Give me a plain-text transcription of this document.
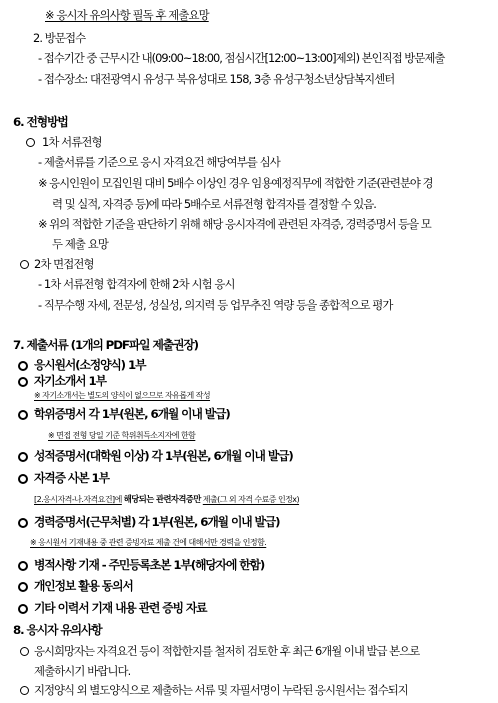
※ 응시자 유의사항 필독 후 제출요망
2. 방문접수
- 접수기간 중 근무시간 내(09:00~18:00, 점심시간[12:00~13:00]제외) 본인직접 방문제출
- 접수장소: 대전광역시 유성구 북유성대로 158, 3층 유성구청소년상담복지센터
6. 전형방법
1차 서류전형
- 제출서류를 기준으로 응시 자격요건 해당여부를 심사
※ 응시인원이 모집인원 대비 5배수 이상인 경우 임용예정직무에 적합한 기준(관련분야 경
력 및 실적, 자격증 등)에 따라 5배수로 서류전형 합격자를 결정할 수 있음.
※ 위의 적합한 기준을 판단하기 위해 해당 응시자격에 관련된 자격증, 경력증명서 등을 모
두 제출 요망
2차 면접전형
- 1차 서류전형 합격자에 한해 2차 시험 응시
- 직무수행 자세, 전문성, 성실성, 의지력 등 업무추진 역량 등을 종합적으로 평가
7. 제출서류 (1개의 PDF파일 제출권장)
응시원서(소정양식) 1부
자기소개서 1부
※ 자기소개서는 별도의 양식이 없으므로 자유롭게 작성
학위증명서 각 1부(원본, 6개월 이내 발급)
※ 면접 전형 당일 기준 학위취득소지자에 한함
성적증명서(대학원 이상) 각 1부(원본, 6개월 이내 발급)
자격증 사본 1부
[2.응시자격-나.자격요건]에 해당되는 관련자격증만 제출(그 외 자격 수료증 인정x)
경력증명서(근무처별) 각 1부(원본, 6개월 이내 발급)
※ 응시원서 기재내용 중 관련 증빙자료 제출 건에 대해서만 경력을 인정함.
병적사항 기재 - 주민등록초본 1부(해당자에 한함)
개인정보 활용 동의서
기타 이력서 기재 내용 관련 증빙 자료
8. 응시자 유의사항
응시희망자는 자격요건 등이 적합한지를 철저히 검토한 후 최근 6개월 이내 발급 본으로
제출하시기 바랍니다.
지정양식 외 별도양식으로 제출하는 서류 및 자필서명이 누락된 응시원서는 접수되지
